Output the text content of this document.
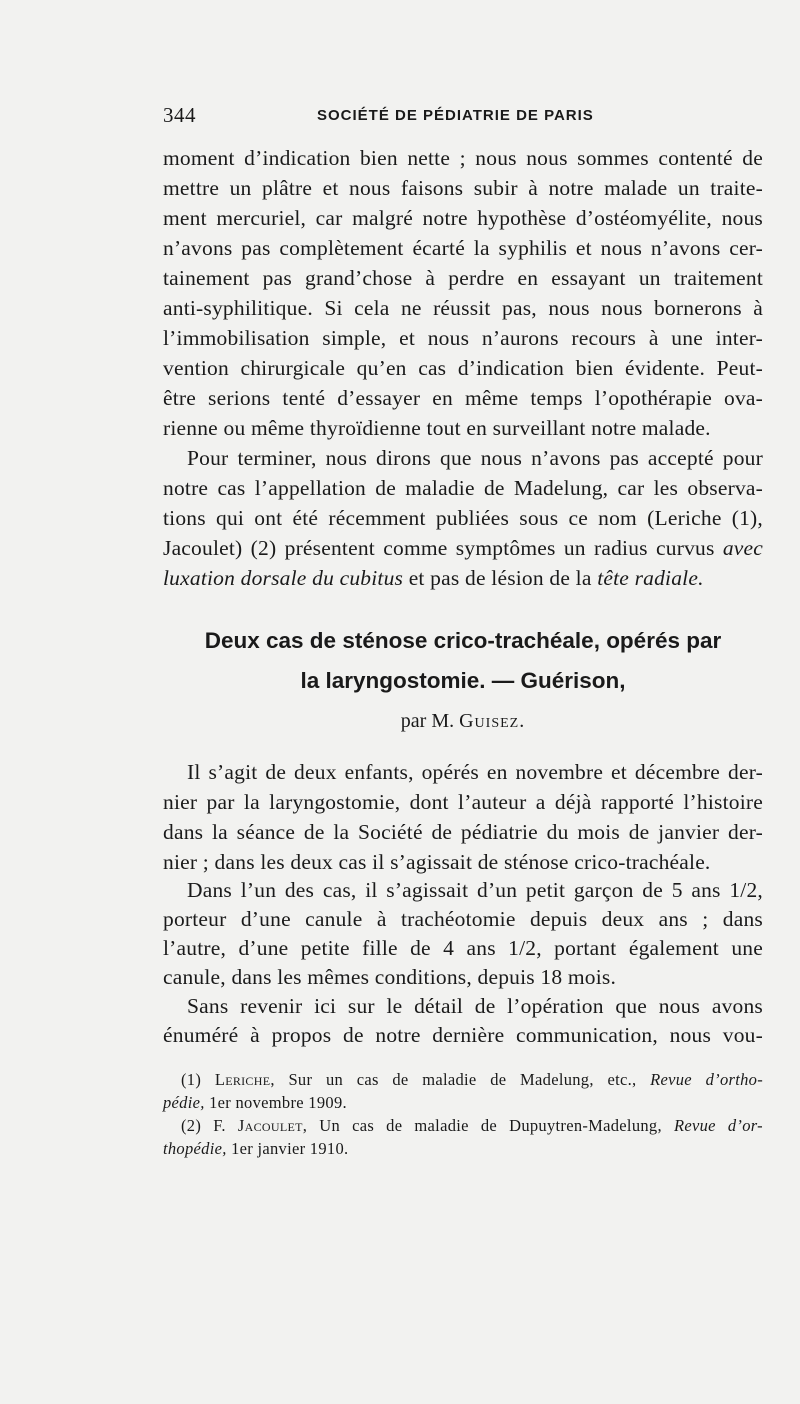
344	SOCIÉTÉ DE PÉDIATRIE DE PARIS
moment d’indication bien nette ; nous nous sommes contenté de
mettre un plâtre et nous faisons subir à notre malade un traite-
ment mercuriel, car malgré notre hypothèse d’ostéomyélite, nous
n’avons pas complètement écarté la syphilis et nous n’avons cer-
tainement pas grand’chose à perdre en essayant un traitement
anti-syphilitique. Si cela ne réussit pas, nous nous bornerons à
l’immobilisation simple, et nous n’aurons recours à une inter-
vention chirurgicale qu’en cas d’indication bien évidente. Peut-
être serions tenté d’essayer en même temps l’opothérapie ova-
rienne ou même thyroïdienne tout en surveillant notre malade.
Pour terminer, nous dirons que nous n’avons pas accepté pour
notre cas l’appellation de maladie de Madelung, car les observa-
tions qui ont été récemment publiées sous ce nom (Leriche (1),
Jacoulet) (2) présentent comme symptômes un radius curvus avec
luxation dorsale du cubitus et pas de lésion de la tête radiale.
Deux cas de sténose crico-trachéale, opérés par
la laryngostomie. — Guérison,
par M. Guisez.
Il s’agit de deux enfants, opérés en novembre et décembre der-
nier par la laryngostomie, dont l’auteur a déjà rapporté l’histoire
dans la séance de la Société de pédiatrie du mois de janvier der-
nier ; dans les deux cas il s’agissait de sténose crico-trachéale.
Dans l’un des cas, il s’agissait d’un petit garçon de 5 ans 1/2,
porteur d’une canule à trachéotomie depuis deux ans ; dans
l’autre, d’une petite fille de 4 ans 1/2, portant également une
canule, dans les mêmes conditions, depuis 18 mois.
Sans revenir ici sur le détail de l’opération que nous avons
énuméré à propos de notre dernière communication, nous vou-
(1) Leriche, Sur un cas de maladie de Madelung, etc., Revue d’ortho-
pédie, 1er novembre 1909.
(2) F. Jacoulet, Un cas de maladie de Dupuytren-Madelung, Revue d’or-
thopédie, 1er janvier 1910.
